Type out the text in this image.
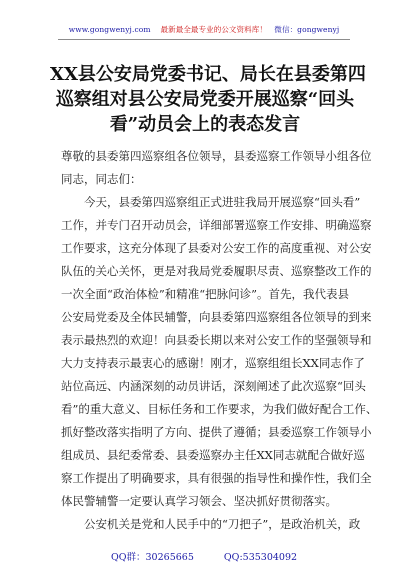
www.gongwenyj.com 最新最全最专业的公文资料库！ 微信：gongwenyj
XX县公安局党委书记、局长在县委第四
巡察组对县公安局党委开展巡察“回头
看”动员会上的表态发言
尊敬的县委第四巡察组各位领导，县委巡察工作领导小组各位
同志，同志们：
　　今天，县委第四巡察组正式进驻我局开展巡察“回头看”
工作，并专门召开动员会，详细部署巡察工作安排、明确巡察
工作要求，这充分体现了县委对公安工作的高度重视、对公安
队伍的关心关怀，更是对我局党委履职尽责、巡察整改工作的
一次全面“政治体检”和精准“把脉问诊”。首先，我代表县
公安局党委及全体民辅警，向县委第四巡察组各位领导的到来
表示最热烈的欢迎！向县委长期以来对公安工作的坚强领导和
大力支持表示最衷心的感谢！刚才，巡察组组长XX同志作了
站位高远、内涵深刻的动员讲话，深刻阐述了此次巡察“回头
看”的重大意义、目标任务和工作要求，为我们做好配合工作、
抓好整改落实指明了方向、提供了遵循；县委巡察工作领导小
组成员、县纪委常委、县委巡察办主任XX同志就配合做好巡
察工作提出了明确要求，具有很强的指导性和操作性，我们全
体民警辅警一定要认真学习领会、坚决抓好贯彻落实。
　　公安机关是党和人民手中的“刀把子”，是政治机关，政
QQ群：30265665	QQ:535304092
